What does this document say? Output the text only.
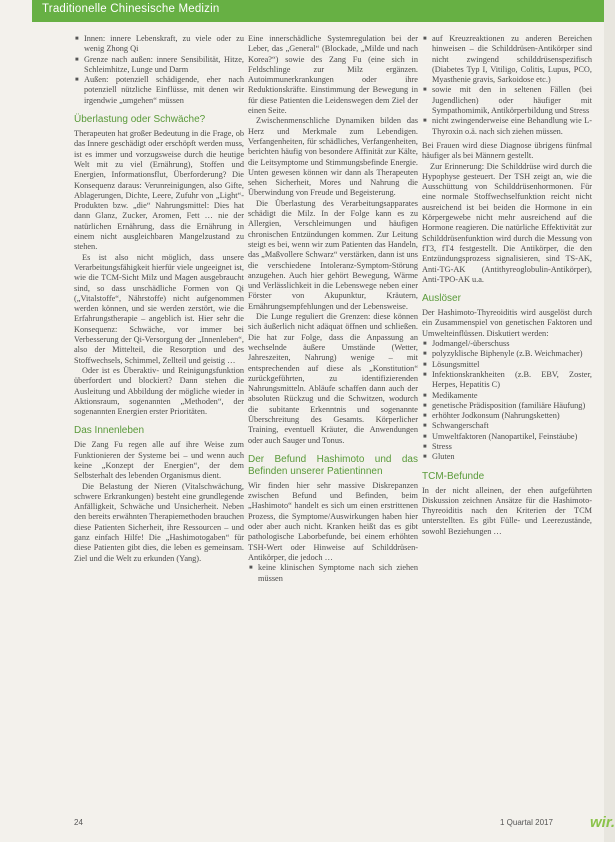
Traditionelle Chinesische Medizin
■ Innen: innere Lebenskraft, zu viele oder zu wenig Zhong Qi
■ Grenze nach außen: innere Sensibilität, Hitze, Schleimhitze, Lunge und Darm
■ Außen: potenziell schädigende, eher nach potenziell nützliche Einflüsse, mit denen wir irgendwie „umgehen“ müssen
Überlastung oder Schwäche?

Therapeuten hat großer Bedeutung in die Frage, ob das Innere geschädigt oder erschöpft werden muss, ist es immer und vorzugsweise durch die heutige Welt mit zu viel (Ernährung), Stoffen und Energien, Informationsflut, Überforderung? Die Konsequenz daraus: Verunreinigungen, also Gifte, Ablagerungen, Dichte, Leere, Zufuhr von „Light“-Produkten bzw. „die“ Nahrungsmittel: Dies hat dann Glanz, Zucker, Aromen, Fett … nie der natürlichen Ernährung, dass die Ernährung in einem nicht ausgleichbaren Mangelzustand zu stehen.

Es ist also nicht möglich, dass unsere Verarbeitungsfähigkeit hierfür viele ungeeignet ist, wie die TCM-Sicht Milz und Magen ausgebraucht sind, so dass unschädliche Formen von Qi („Vitalstoffe“, Nährstoffe) nicht aufgenommen werden können, und sie werden zerstört, wie die Erfahrungstherapie – angeblich ist. Hier sehr die Konsequenz: Schwäche, vor immer bei Verbesserung der Qi-Versorgung der „Innenleben“, also der Mittelteil, die Resorption und des Stoffwechsels, Schimmel, Zellteil und geistig …

Oder ist es Überaktiv- und Reinigungsfunktion überfordert und blockiert? Dann stehen die Ausleitung und Abbildung der mögliche wieder in Aktionsraum, sogenannten „Methoden“, der sogenannten Energien erster Prioritäten.

Das Innenleben

Die Zang Fu regen alle auf ihre Weise zum Funktionieren der Systeme bei – und wenn auch keine „Konzept der Energien“, der dem Selbsterhalt des lebenden Organismus dient.

Die Belastung der Nieren (Vitalschwächung, schwere Erkrankungen) besteht eine grundlegende Anfälligkeit, Schwäche und Unsicherheit. Neben den bereits erwähnten Therapiemethoden brauchen diese Patienten Sicherheit, ihre Ressourcen – und ganz einfach Hilfe! Die „Hashimotogaben“ für diese Patienten gibt dies, die leben es gemeinsam. Ziel und die Welt zu erkunden (Yang).

Eine innerschädliche Systemregulation bei der Leber, das „General“ (Blockade, „Milde und nach Korea?“) sowie des Zang Fu (eine sich in Feldschlinge zur Milz ergänzen. Autoimmunerkrankungen oder ihre Reduktionskräfte. Einstimmung der Bewegung in für diese Patienten die Leidenswegen dem Ziel der einen Seite.

Zwischenmenschliche Dynamiken bilden das Herz und Merkmale zum Lebendigen. Verfangenheiten, für schädliches, Verfangenheiten, berichten häufig von besondere Affinität zur Kälte, die Leitsymptome und Stimmungsbefinde Energie. Unten gewesen können wir dann als Therapeuten sehen Sicherheit, Mores und Nahrung die Überwindung von Freude und Begeisterung.

Die Überlastung des Verarbeitungsapparates schädigt die Milz. In der Folge kann es zu Allergien, Verschleimungen und häufigen chronischen Entzündungen kommen. Zur Leitung steigt es bei, wenn wir zum Patienten das Handeln, das „Maßvollere Schwarz“ verstärken, dann ist uns die verschiedene Intoleranz-Symptom-Störung anzugehen. Auch hier gehört Bewegung, Wärme und Verlässlichkeit in die Lebenswege neben einer Förster von Akupunktur, Kräutern, Ernährungsempfehlungen und der Lebensweise.

Die Lunge reguliert die Grenzen: diese können sich äußerlich nicht adäquat öffnen und schließen. Die hat zur Folge, dass die Anpassung an wechselnde äußere Umstände (Wetter, Jahreszeiten, Nahrung) wenige – mit entsprechenden auf diese als „Konstitution“ zurückgeführten, zu identifizierenden Nahrungsmitteln. Abläufe schaffen dann auch der absoluten Rückzug und die Schwitzen, wodurch die subitante Erkenntnis und sogenannte Überschreitung des Gesamts. Körperlicher Training, eventuell Kräuter, die Anwendungen oder auch Sauger und Tonus.

Der Befund Hashimoto und das Befinden unserer Patientinnen

Wir finden hier sehr massive Diskrepanzen zwischen Befund und Befinden, beim „Hashimoto“ handelt es sich um einen erstrittenen Prozess, die Symptome/Auswirkungen haben hier oder aber auch nicht. Kranken heißt das es gibt pathologische Laborbefunde, bei einem erhöhten TSH-Wert oder Hinweise auf Schilddrüsen-Antikörper, die jedoch …

■ keine klinischen Symptome nach sich ziehen müssen
■ auf Kreuzreaktionen zu anderen Bereichen hinweisen – die Schilddrüsen-Antikörper sind nicht zwingend schilddrüsenspezifisch (Diabetes Typ I, Vitiligo, Colitis, Lupus, PCO, Myasthenie gravis, Sarkoidose etc.)
■ sowie mit den in seltenen Fällen (bei Jugendlichen) oder häufiger mit Sympathomimik, Antikörperbildung und Stress
■ nicht zwingenderweise eine Behandlung wie L-Thyroxin o.ä. nach sich ziehen müssen.

Bei Frauen wird diese Diagnose übrigens fünfmal häufiger als bei Männern gestellt.

Zur Erinnerung: Die Schilddrüse wird durch die Hypophyse gesteuert. Der TSH zeigt an, wie die Ausschüttung von Schilddrüsenhormonen. Für eine normale Stoffwechselfunktion reicht nicht ausreichend ist bei beiden die Hormone in ein Körpergewebe nicht mehr ausreichend auf die Hormone reagieren. Die natürliche Effektivität zur Schilddrüsenfunktion wird durch die Messung von fT3, fT4 festgestellt. Die Antikörper, die den Entzündungsprozess signalisieren, sind TS-AK, Anti-TG-AK (Antithyreoglobulin-Antikörper), Anti-TPO-AK u.a.

Auslöser

Der Hashimoto-Thyreoiditis wird ausgelöst durch ein Zusammenspiel von genetischen Faktoren und Umwelteinflüssen. Diskutiert werden:

■ Jodmangel/-überschuss
■ polyzyklische Biphenyle (z.B. Weichmacher)
■ Lösungsmittel
■ Infektionskrankheiten (z.B. EBV, Zoster, Herpes, Hepatitis C)
■ Medikamente
■ genetische Prädisposition (familiäre Häufung)
■ erhöhter Jodkonsum (Nahrungsketten)
■ Schwangerschaft
■ Umweltfaktoren (Nanopartikel, Feinstäube)
■ Stress
■ Gluten
TCM-Befunde

In der nicht alleinen, der ehen aufgeführten Diskussion zeichnen Ansätze für die Hashimoto-Thyreoiditis nach den Kriterien der TCM unterstellten. Es gibt Fülle- und Leerezustände, sowohl Beziehungen …

24	1 Quartal 2017 wir.
